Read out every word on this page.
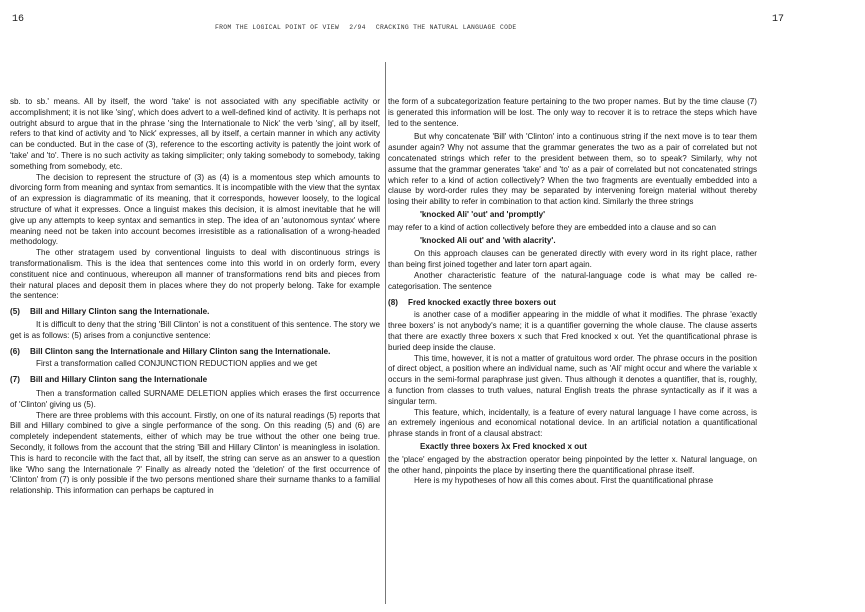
16	17
FROM THE LOGICAL POINT OF VIEW 2/94 CRACKING THE NATURAL LANGUAGE CODE

sb. to sb.' means. All by itself, the word 'take' is not associated with any specifiable activity or accomplishment; it is not like 'sing', which does advert to a well-defined kind of activity. It is perhaps not outright absurd to argue that in the phrase 'sing the Internationale to Nick' the verb 'sing', all by itself, refers to that kind of activity and 'to Nick' expresses, all by itself, a certain manner in which any activity can be conducted. But in the case of (3), reference to the escorting activity is patently the joint work of 'take' and 'to'. There is no such activity as taking simpliciter; only taking somebody to somebody, taking something from somebody, etc.

The decision to represent the structure of (3) as (4) is a momentous step which amounts to divorcing form from meaning and syntax from semantics. It is incompatible with the view that the syntax of an expression is diagrammatic of its meaning, that it corresponds, however loosely, to the logical structure of what it expresses. Once a linguist makes this decision, it is almost inevitable that he will give up any attempts to keep syntax and semantics in step. The idea of an 'autonomous syntax' where meaning need not be taken into account becomes irresistible as a rationalisation of a wrong-headed methodology.

The other stratagem used by conventional linguists to deal with discontinuous strings is transformationalism. This is the idea that sentences come into this world in on orderly form, every constituent nice and continuous, whereupon all manner of transformations rend bits and pieces from their natural places and deposit them in places where they do not properly belong. Take for example the sentence:

(5) Bill and Hillary Clinton sang the Internationale.

It is difficult to deny that the string 'Bill Clinton' is not a constituent of this sentence. The story we get is as follows: (5) arises from a conjunctive sentence:

(6) Bill Clinton sang the Internationale and Hillary Clinton sang the Internationale.

First a transformation called CONJUNCTION REDUCTION applies and we get

(7) Bill and Hillary Clinton sang the Internationale

Then a transformation called SURNAME DELETION applies which erases the first occurrence of 'Clinton' giving us (5).

There are three problems with this account. Firstly, on one of its natural readings (5) reports that Bill and Hillary combined to give a single performance of the song. On this reading (5) and (6) are completely independent statements, either of which may be true without the other one being true. Secondly, it follows from the account that the string 'Bill and Hillary Clinton' is meaningless in isolation. This is hard to reconcile with the fact that, all by itself, the string can serve as an answer to a question like 'Who sang the Internationale ?' Finally as already noted the 'deletion' of the first occurrence of 'Clinton' from (7) is only possible if the two persons mentioned share their surname thanks to a familial relationship. This information can perhaps be captured in

the form of a subcategorization feature pertaining to the two proper names. But by the time clause (7) is generated this information will be lost. The only way to recover it is to retrace the steps which have led to the sentence.

But why concatenate 'Bill' with 'Clinton' into a continuous string if the next move is to tear them asunder again? Why not assume that the grammar generates the two as a pair of correlated but not concatenated strings which refer to the president between them, so to speak? Similarly, why not assume that the grammar generates 'take' and 'to' as a pair of correlated but not concatenated strings which refer to a kind of action collectively? When the two fragments are eventually embedded into a clause by word-order rules they may be separated by intervening foreign material without thereby losing their ability to refer in combination to that action kind. Similarly the three strings

'knocked Ali' 'out' and 'promptly'

may refer to a kind of action collectively before they are embedded into a clause and so can

'knocked Ali out' and 'with alacrity'.

On this approach clauses can be generated directly with every word in its right place, rather than being first joined together and later torn apart again.

Another characteristic feature of the natural-language code is what may be called re-categorisation. The sentence

(8) Fred knocked exactly three boxers out

is another case of a modifier appearing in the middle of what it modifies. The phrase 'exactly three boxers' is not anybody's name; it is a quantifier governing the whole clause. The clause asserts that there are exactly three boxers x such that Fred knocked x out. Yet the quantificational phrase is buried deep inside the clause.

This time, however, it is not a matter of gratuitous word order. The phrase occurs in the position of direct object, a position where an individual name, such as 'Ali' might occur and where the variable x occurs in the semi-formal paraphrase just given. Thus although it denotes a quantifier, that is, roughly, a function from classes to truth values, natural English treats the phrase syntactically as if it was a singular term.

This feature, which, incidentally, is a feature of every natural language I have come across, is an extremely ingenious and economical notational device. In an artificial notation a quantificational phrase stands in front of a clausal abstract:

Exactly three boxers λx Fred knocked x out

the 'place' engaged by the abstraction operator being pinpointed by the letter x. Natural language, on the other hand, pinpoints the place by inserting there the quantificational phrase itself.

Here is my hypotheses of how all this comes about. First the quantificational phrase
